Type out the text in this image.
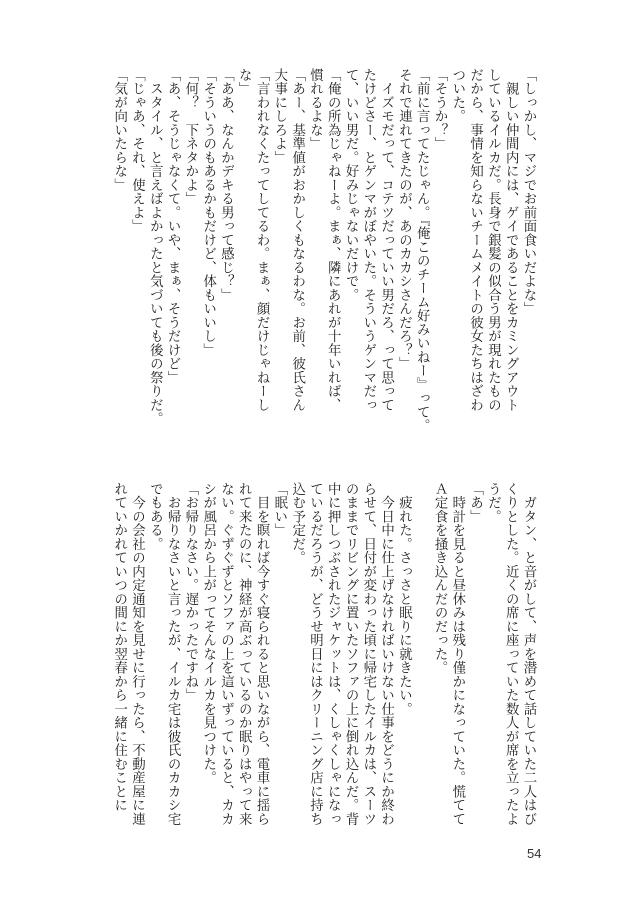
「しっかし、マジでお前面食いだよな」

　親しい仲間内には、ゲイであることをカミングアウト

しているイルカだ。長身で銀髪の似合う男が現れたもの

だから、事情を知らないチームメイトの彼女たちはざわ

ついた。

「そうか？」

「前に言ってたじゃん。『俺このチーム好みいねー』って。

それで連れてきたのが、あのカカシさんだろ？」

　イズモだって、コテツだっていい男だろ、って思って

たけどさー、とゲンマがぼやいた。そういうゲンマだっ

て、いい男だ。好みじゃないだけで。

「俺の所為じゃねーよ。まぁ、隣にあれが十年いれば、

慣れるよな」

「あー、基準値がおかしくもなるわな。お前、彼氏さん

大事にしろよ」

「言われなくたってしてるわ。まぁ、顔だけじゃねーし

な」

「ああ、なんかデキる男って感じ？」

「そういうのもあるかもだけど、体もいいし」

「何？　下ネタかよ」

「あ、そうじゃなくて。いや、まぁ、そうだけど」

　スタイル、と言えばよかったと気づいても後の祭りだ。

「じゃあ、それ、使えよ」

「気が向いたらな」

　ガタン、と音がして、声を潜めて話していた二人はび

くりとした。近くの席に座っていた数人が席を立ったよ

うだ。

「あ」

　時計を見ると昼休みは残り僅かになっていた。慌てて

Ａ定食を掻き込んだのだった。

　疲れた。さっさと眠りに就きたい。

　今日中に仕上げなければいけない仕事をどうにか終わ

らせて、日付が変わった頃に帰宅したイルカは、スーツ

のままでリビングに置いたソファの上に倒れ込んだ。背

中に押しつぶされたジャケットは、くしゃくしゃになっ

ているだろうが、どうせ明日にはクリーニング店に持ち

込む予定だ。

「眠い」

　目を瞑れば今すぐ寝られると思いながら、電車に揺ら

れて来たのに、神経が高ぶっているのか眠りはやって来

ない。ぐずぐずとソファの上を這いずっていると、カカ

シが風呂から上がってそんなイルカを見つけた。

「お帰りなさい。遅かったですね」

　お帰りなさいと言ったが、イルカ宅は彼氏のカカシ宅

でもある。

　今の会社の内定通知を見せに行ったら、不動産屋に連

れていかれていつの間にか翌春から一緒に住むことに

54
